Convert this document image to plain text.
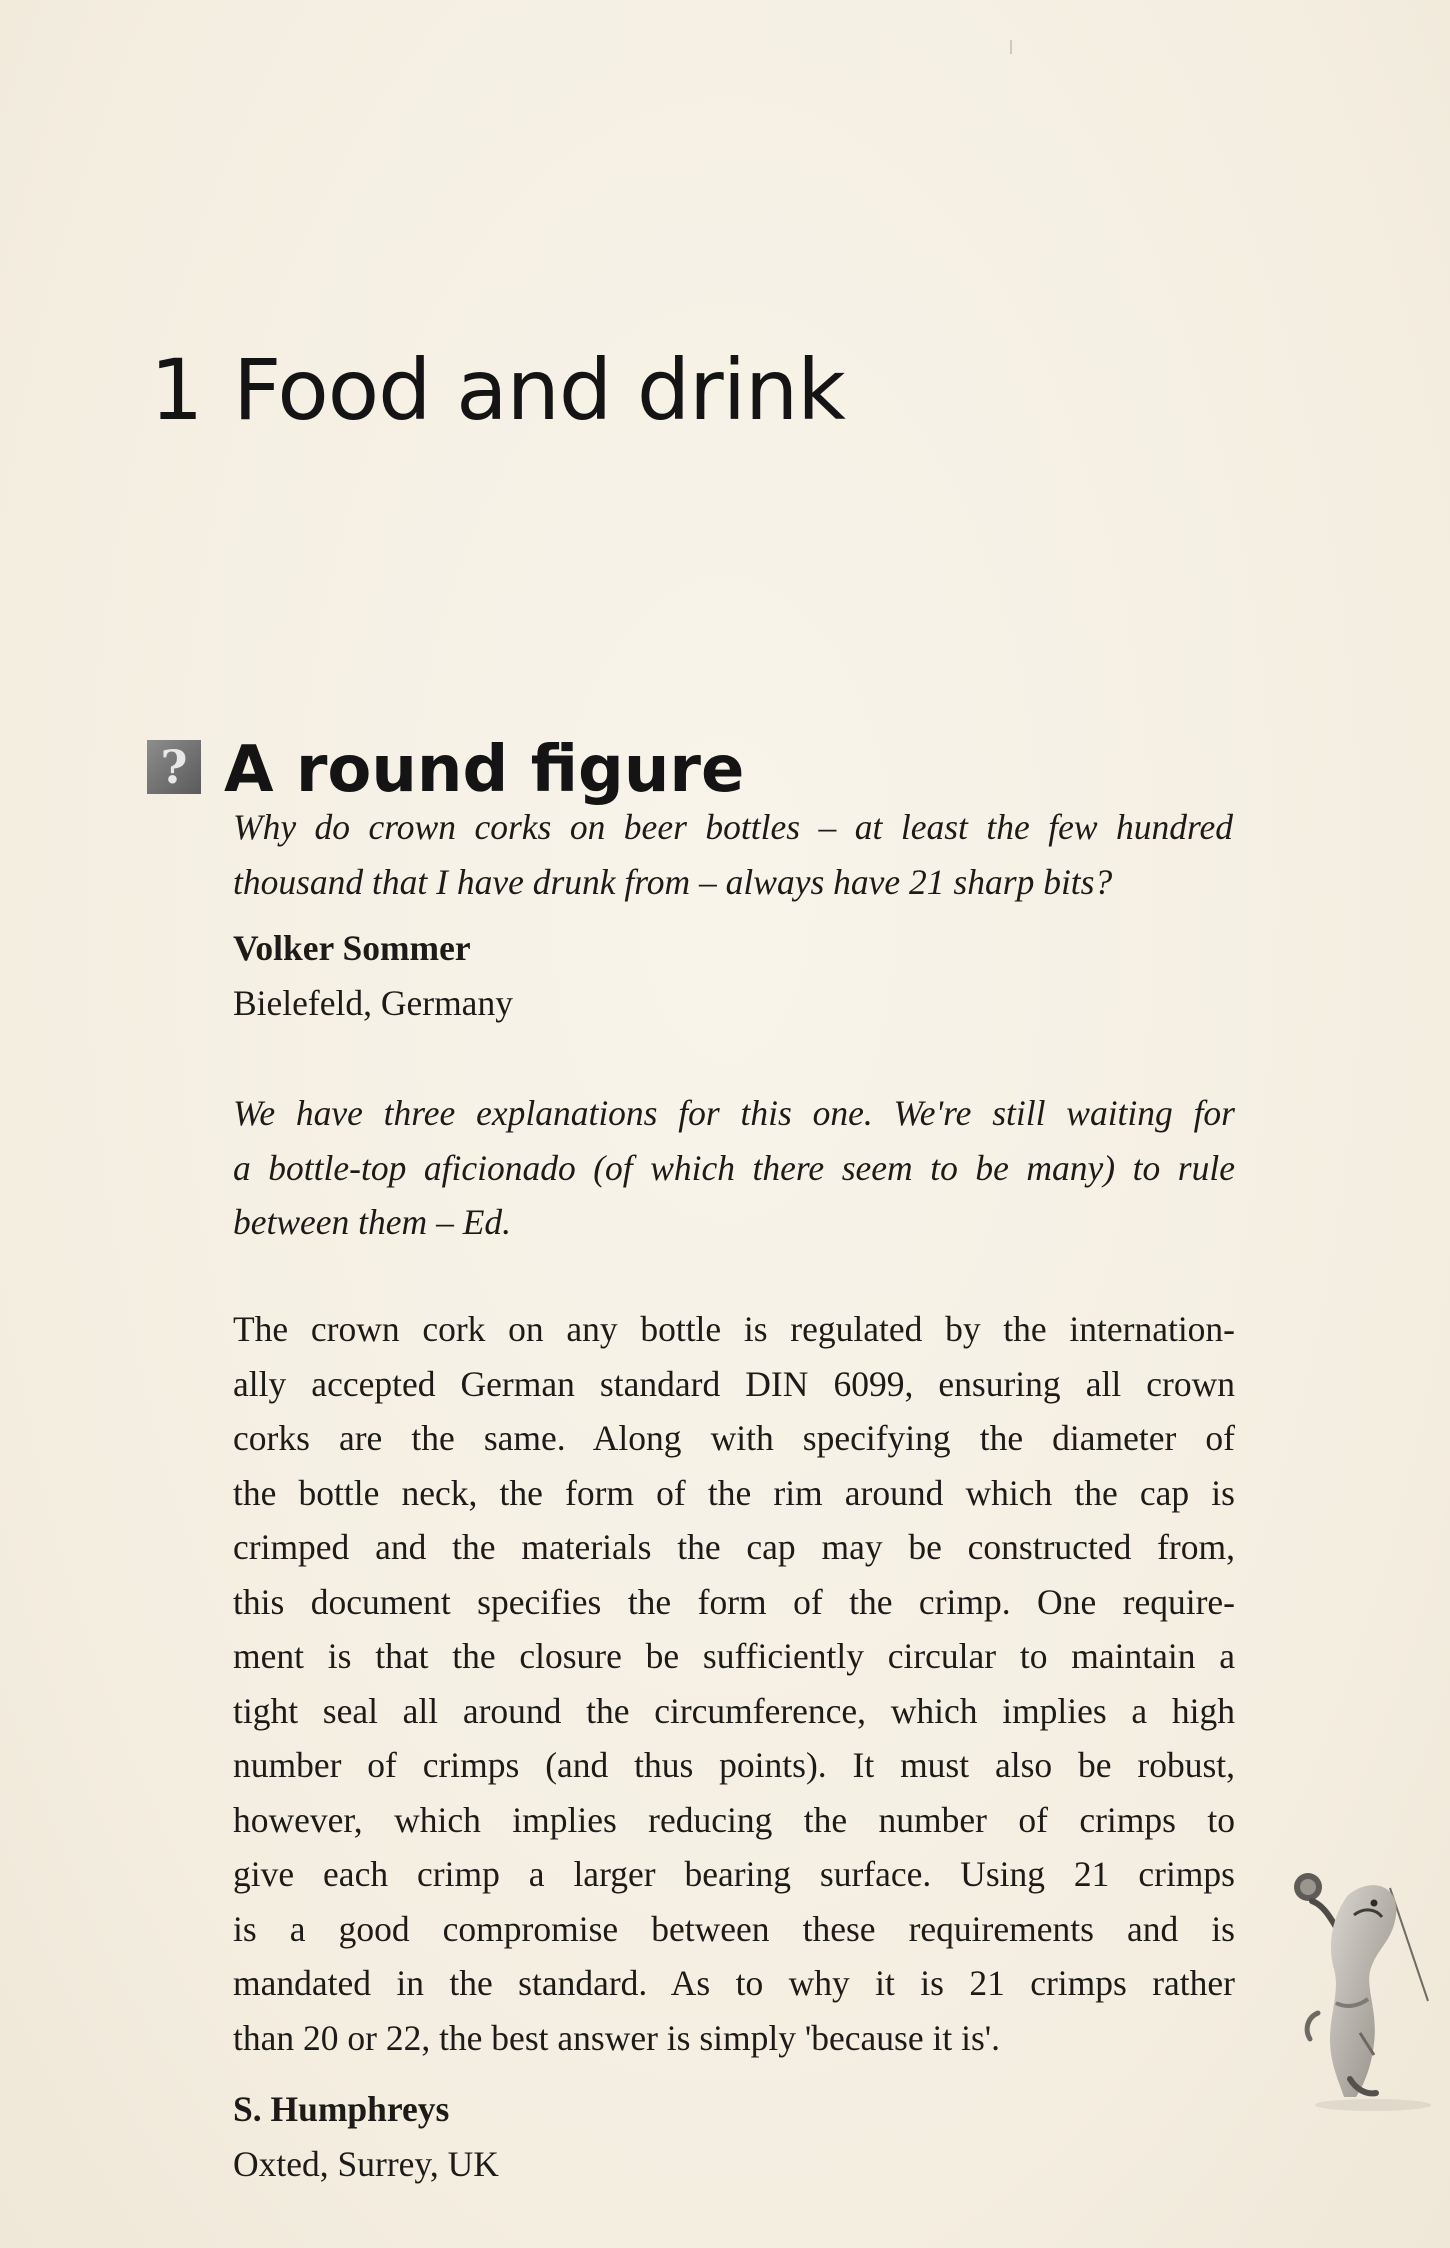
1 Food and drink
? A round figure
Why do crown corks on beer bottles – at least the few hundred
thousand that I have drunk from – always have 21 sharp bits?
Volker Sommer
Bielefeld, Germany
We have three explanations for this one. We're still waiting for
a bottle-top aficionado (of which there seem to be many) to rule
between them – Ed.
The crown cork on any bottle is regulated by the internation-
ally accepted German standard DIN 6099, ensuring all crown
corks are the same. Along with specifying the diameter of
the bottle neck, the form of the rim around which the cap is
crimped and the materials the cap may be constructed from,
this document specifies the form of the crimp. One require-
ment is that the closure be sufficiently circular to maintain a
tight seal all around the circumference, which implies a high
number of crimps (and thus points). It must also be robust,
however, which implies reducing the number of crimps to
give each crimp a larger bearing surface. Using 21 crimps
is a good compromise between these requirements and is
mandated in the standard. As to why it is 21 crimps rather
than 20 or 22, the best answer is simply 'because it is'.
S. Humphreys
Oxted, Surrey, UK
